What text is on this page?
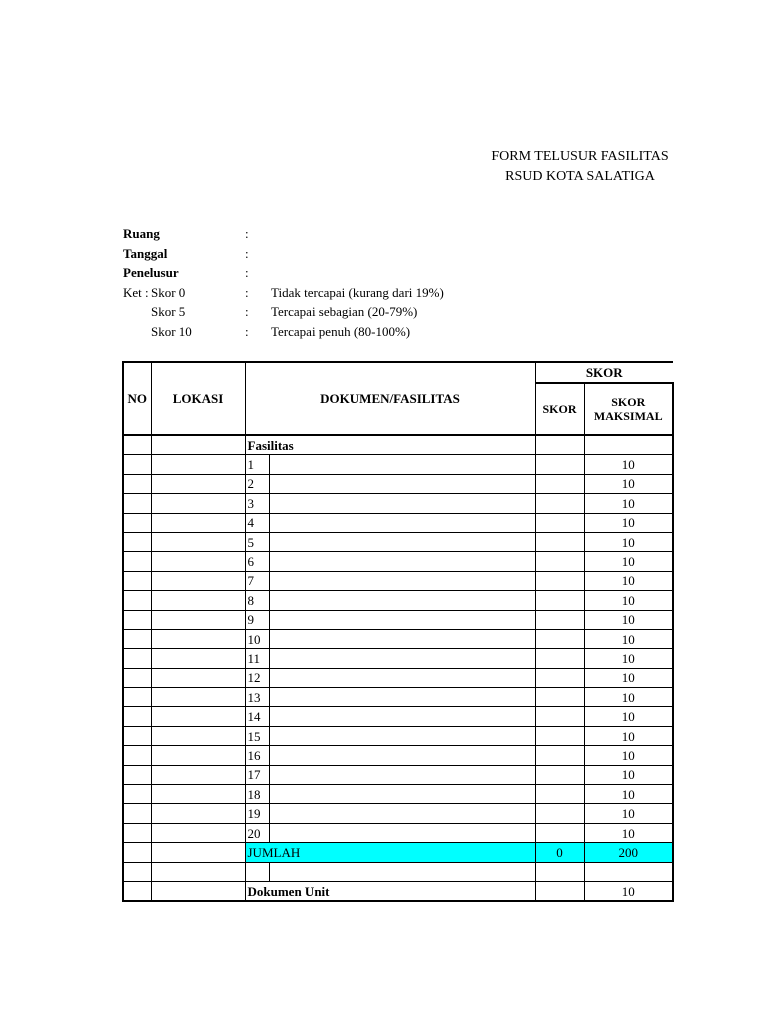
FORM TELUSUR FASILITAS
RSUD KOTA SALATIGA
Ruang	:
Tanggal	:
Penelusur	:
Ket : Skor 0	: Tidak tercapai (kurang dari 19%)
Skor 5	: Tercapai sebagian (20-79%)
Skor 10	: Tercapai penuh (80-100%)
NO	LOKASI	DOKUMEN/FASILITAS		SKOR	
				SKOR	SKOR
MAKSIMAL

		Fasilitas			
		1			10
		2			10
		3			10
		4			10
		5			10
		6			10
		7			10
		8			10
		9			10
		10			10
		11			10
		12			10
		13			10
		14			10
		15			10
		16			10
		17			10
		18			10
		19			10
		20			10
		JUMLAH		0	200

		Dokumen Unit			10
